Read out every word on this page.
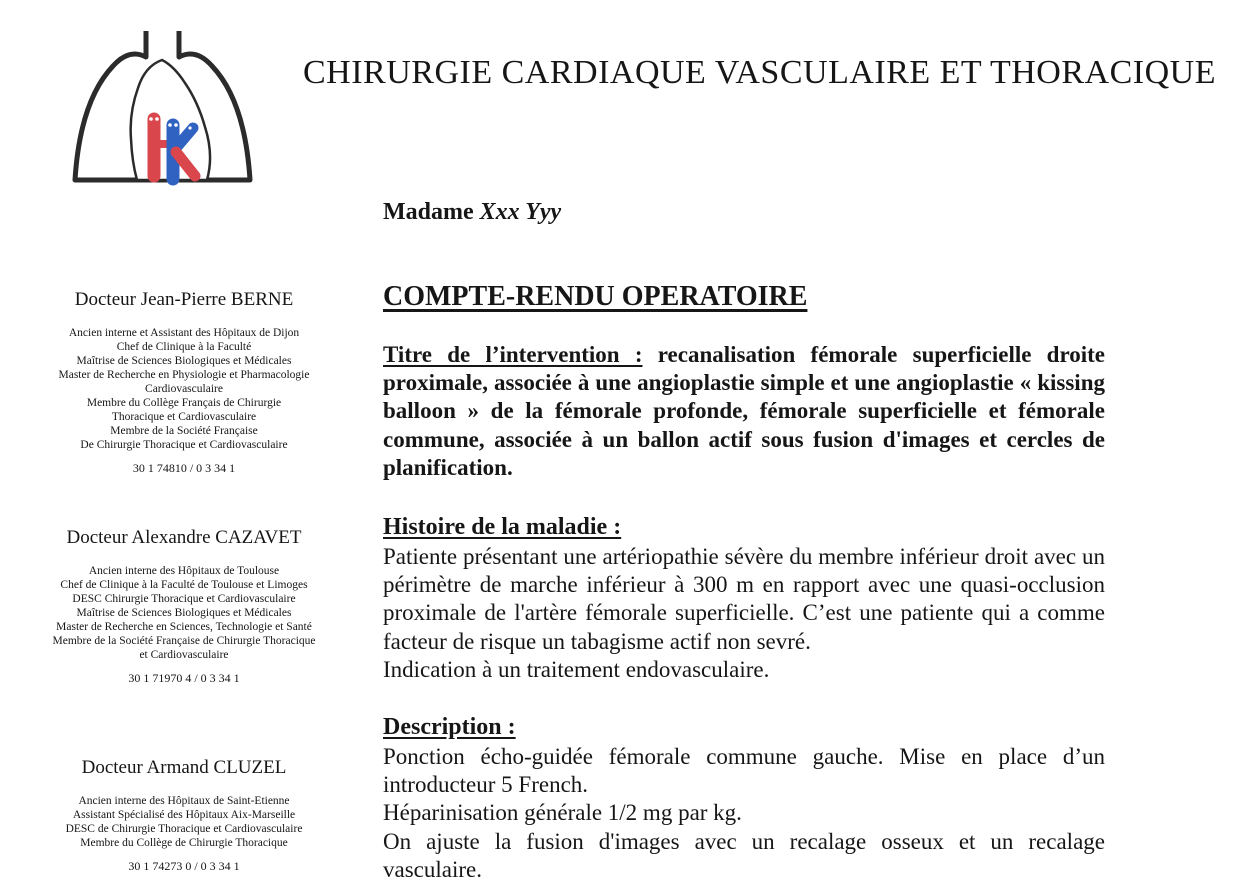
CHIRURGIE CARDIAQUE VASCULAIRE ET THORACIQUE

Docteur Jean-Pierre BERNE

Ancien interne et Assistant des Hôpitaux de Dijon
Chef de Clinique à la Faculté
Maîtrise de Sciences Biologiques et Médicales
Master de Recherche en Physiologie et Pharmacologie
Cardiovasculaire
Membre du Collège Français de Chirurgie
Thoracique et Cardiovasculaire
Membre de la Société Française
De Chirurgie Thoracique et Cardiovasculaire
30 1 74810 / 0 3 34 1

Docteur Alexandre CAZAVET

Ancien interne des Hôpitaux de Toulouse
Chef de Clinique à la Faculté de Toulouse et Limoges
DESC Chirurgie Thoracique et Cardiovasculaire
Maîtrise de Sciences Biologiques et Médicales
Master de Recherche en Sciences, Technologie et Santé
Membre de la Société Française de Chirurgie Thoracique
et Cardiovasculaire
30 1 71970 4 / 0 3 34 1

Docteur Armand CLUZEL

Ancien interne des Hôpitaux de Saint-Etienne
Assistant Spécialisé des Hôpitaux Aix-Marseille
DESC de Chirurgie Thoracique et Cardiovasculaire
Membre du Collège de Chirurgie Thoracique
30 1 74273 0 / 0 3 34 1
Madame Xxx Yyy
COMPTE-RENDU OPERATOIRE

Titre de l’intervention : recanalisation fémorale superficielle droite proximale, associée à une angioplastie simple et une angioplastie « kissing balloon » de la fémorale profonde, fémorale superficielle et fémorale commune, associée à un ballon actif sous fusion d'images et cercles de planification.

Histoire de la maladie :

Patiente présentant une artériopathie sévère du membre inférieur droit avec un périmètre de marche inférieur à 300 m en rapport avec une quasi-occlusion proximale de l'artère fémorale superficielle. C’est une patiente qui a comme facteur de risque un tabagisme actif non sevré.

Indication à un traitement endovasculaire.

Description :

Ponction écho-guidée fémorale commune gauche. Mise en place d’un introducteur 5 French.

Héparinisation générale 1/2 mg par kg.

On ajuste la fusion d'images avec un recalage osseux et un recalage vasculaire.
